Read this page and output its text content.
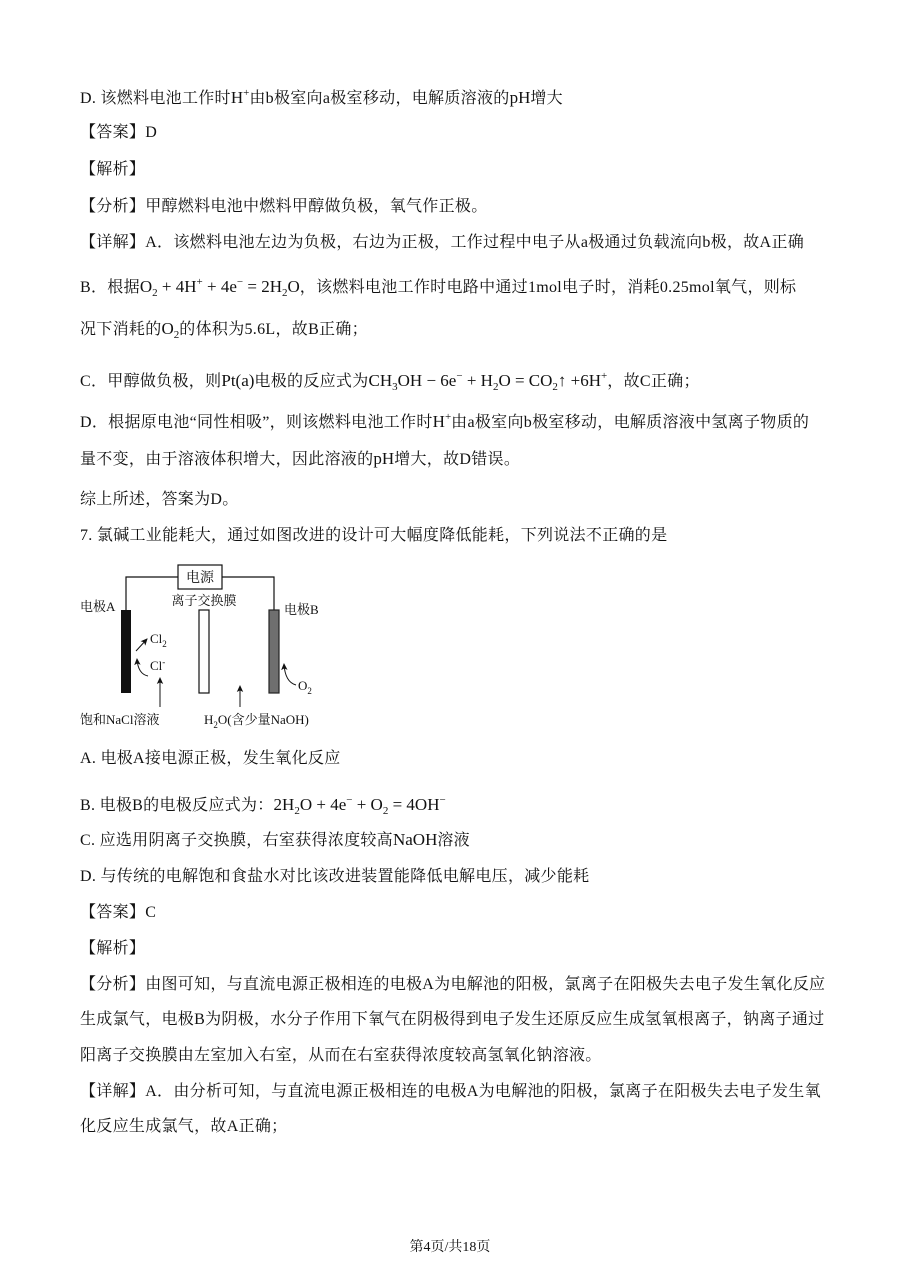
D. 该燃料电池工作时H+由b极室向a极室移动，电解质溶液的pH增大
【答案】D
【解析】
【分析】甲醇燃料电池中燃料甲醇做负极，氧气作正极。
【详解】A．该燃料电池左边为负极，右边为正极，工作过程中电子从a极通过负载流向b极，故A正确
B．根据$O_2 + 4H^+ + 4e^- = 2H_2O$，该燃料电池工作时电路中通过1mol电子时，消耗0.25mol氧气，则标
况下消耗的$O_2$的体积为5.6L，故B正确；
C．甲醇做负极，则Pt(a)电极的反应式为$CH_3OH - 6e^- + H_2O$ = $CO_2↑ +6H^+$，故C正确；
D．根据原电池“同性相吸”，则该燃料电池工作时H+由a极室向b极室移动，电解质溶液中氢离子物质的
量不变，由于溶液体积增大，因此溶液的pH增大，故D错误。
综上所述，答案为D。
7. 氯碱工业能耗大，通过如图改进的设计可大幅度降低能耗，下列说法不正确的是
电源
电极A	离子交换膜
电极B
$Cl_2$
Cl-
$O_2$
饱和NaCl溶液	$H_2O$(含少量NaOH)
A. 电极A接电源正极，发生氧化反应
B. 电极B的电极反应式为：$2H_2O + 4e^- + O_2 = 4OH^-$
C. 应选用阴离子交换膜，右室获得浓度较高NaOH溶液
D. 与传统的电解饱和食盐水对比该改进装置能降低电解电压，减少能耗
【答案】C
【解析】
【分析】由图可知，与直流电源正极相连的电极A为电解池的阳极，氯离子在阳极失去电子发生氧化反应
生成氯气，电极B为阴极，水分子作用下氧气在阴极得到电子发生还原反应生成氢氧根离子，钠离子通过
阳离子交换膜由左室加入右室，从而在右室获得浓度较高氢氧化钠溶液。
【详解】A．由分析可知，与直流电源正极相连的电极A为电解池的阳极，氯离子在阳极失去电子发生氧
化反应生成氯气，故A正确；
第4页/共18页
